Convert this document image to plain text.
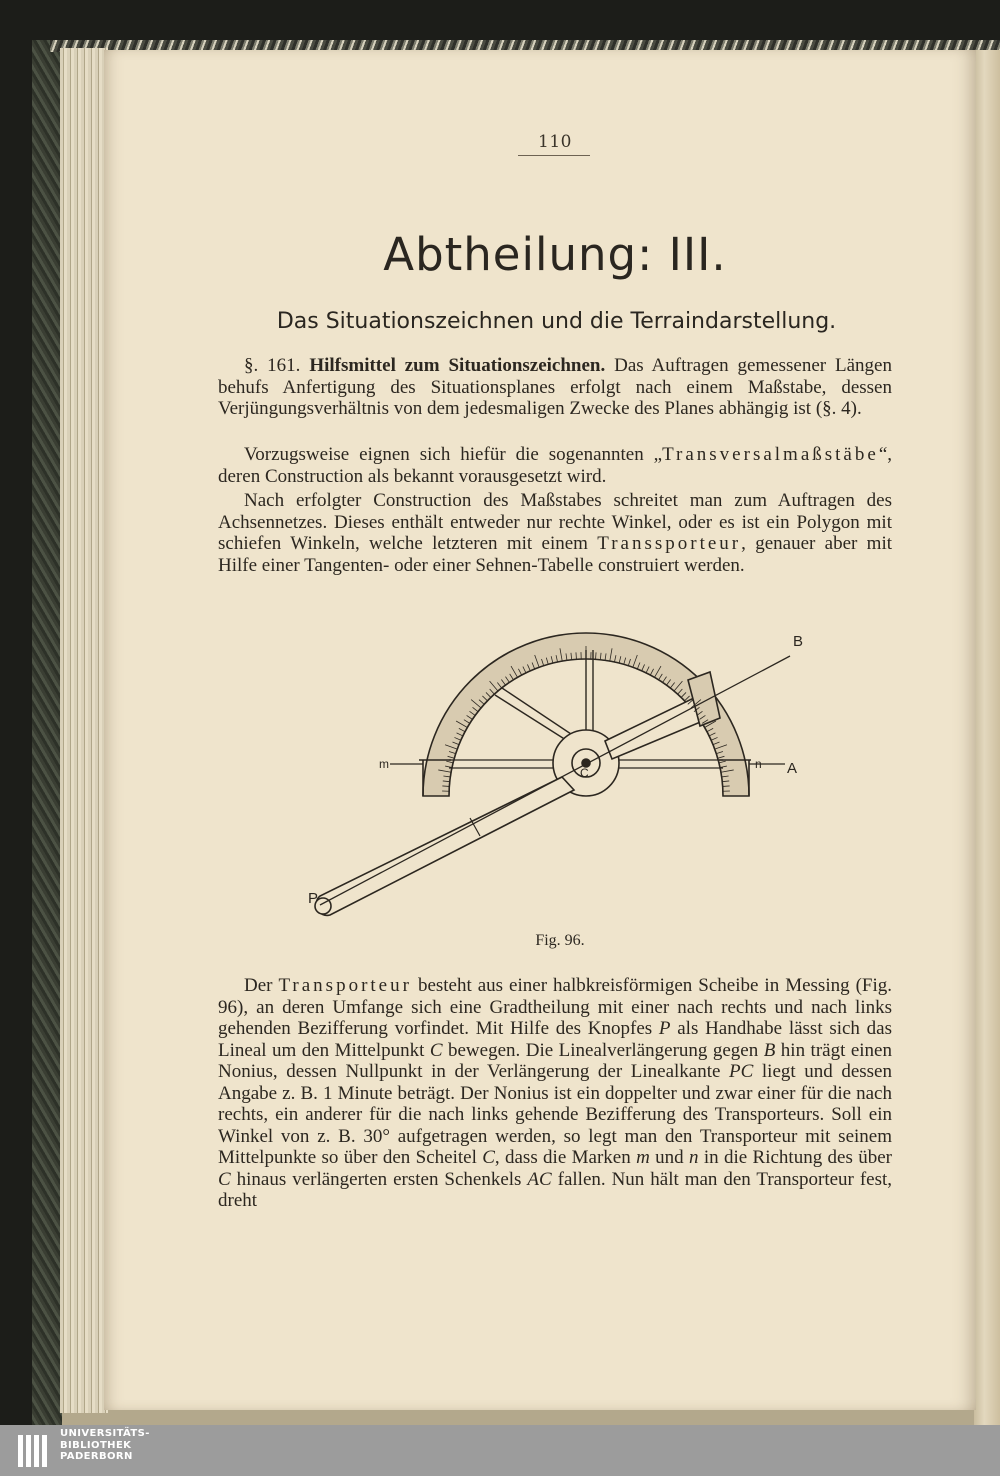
110
Abtheilung: III.
Das Situationszeichnen und die Terraindarstellung.

§. 161. Hilfsmittel zum Situationszeichnen. Das Auftragen gemessener Längen behufs Anfertigung des Situationsplanes erfolgt nach einem Maßstabe, dessen Verjüngungsverhältnis von dem jedesmaligen Zwecke des Planes abhängig ist (§. 4).

Vorzugsweise eignen sich hiefür die sogenannten „Transversalmaßstäbe“, deren Construction als bekannt vorausgesetzt wird.

Nach erfolgter Construction des Maßstabes schreitet man zum Auftragen des Achsennetzes. Dieses enthält entweder nur rechte Winkel, oder es ist ein Polygon mit schiefen Winkeln, welche letzteren mit einem Transsporteur, genauer aber mit Hilfe einer Tangenten- oder einer Sehnen-Tabelle construiert werden.

B
A
P
C
m	n
Fig. 96.

Der Transporteur besteht aus einer halbkreisförmigen Scheibe in Messing (Fig. 96), an deren Umfange sich eine Gradtheilung mit einer nach rechts und nach links gehenden Bezifferung vorfindet. Mit Hilfe des Knopfes P als Handhabe lässt sich das Lineal um den Mittelpunkt C bewegen. Die Linealverlängerung gegen B hin trägt einen Nonius, dessen Nullpunkt in der Verlängerung der Linealkante PC liegt und dessen Angabe z. B. 1 Minute beträgt. Der Nonius ist ein doppelter und zwar einer für die nach rechts, ein anderer für die nach links gehende Bezifferung des Transporteurs. Soll ein Winkel von z. B. 30° aufgetragen werden, so legt man den Transporteur mit seinem Mittelpunkte so über den Scheitel C, dass die Marken m und n in die Richtung des über C hinaus verlängerten ersten Schenkels AC fallen. Nun hält man den Transporteur fest, dreht

UNIVERSITÄTS-
BIBLIOTHEK
PADERBORN
